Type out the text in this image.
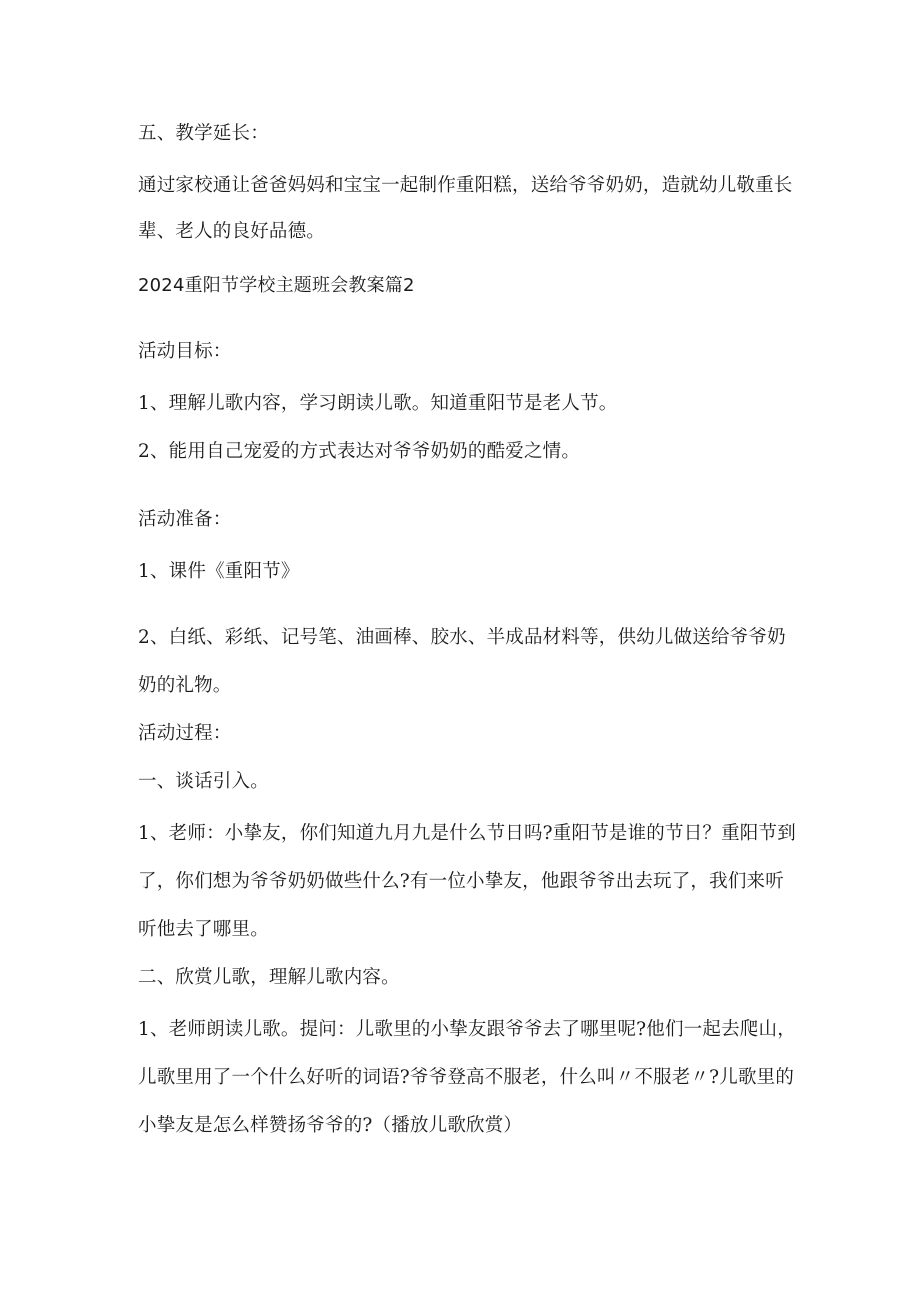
五、教学延长：
通过家校通让爸爸妈妈和宝宝一起制作重阳糕，送给爷爷奶奶，造就幼儿敬重长
辈、老人的良好品德。
2024重阳节学校主题班会教案篇2
活动目标：
1、理解儿歌内容，学习朗读儿歌。知道重阳节是老人节。
2、能用自己宠爱的方式表达对爷爷奶奶的酷爱之情。
活动准备：
1、课件《重阳节》
2、白纸、彩纸、记号笔、油画棒、胶水、半成品材料等，供幼儿做送给爷爷奶
奶的礼物。
活动过程：
一、谈话引入。
1、老师：小挚友，你们知道九月九是什么节日吗?重阳节是谁的节日？重阳节到
了，你们想为爷爷奶奶做些什么?有一位小挚友，他跟爷爷出去玩了，我们来听
听他去了哪里。
二、欣赏儿歌，理解儿歌内容。
1、老师朗读儿歌。提问：儿歌里的小挚友跟爷爷去了哪里呢?他们一起去爬山，
儿歌里用了一个什么好听的词语?爷爷登高不服老，什么叫〃不服老〃?儿歌里的
小挚友是怎么样赞扬爷爷的?（播放儿歌欣赏）
